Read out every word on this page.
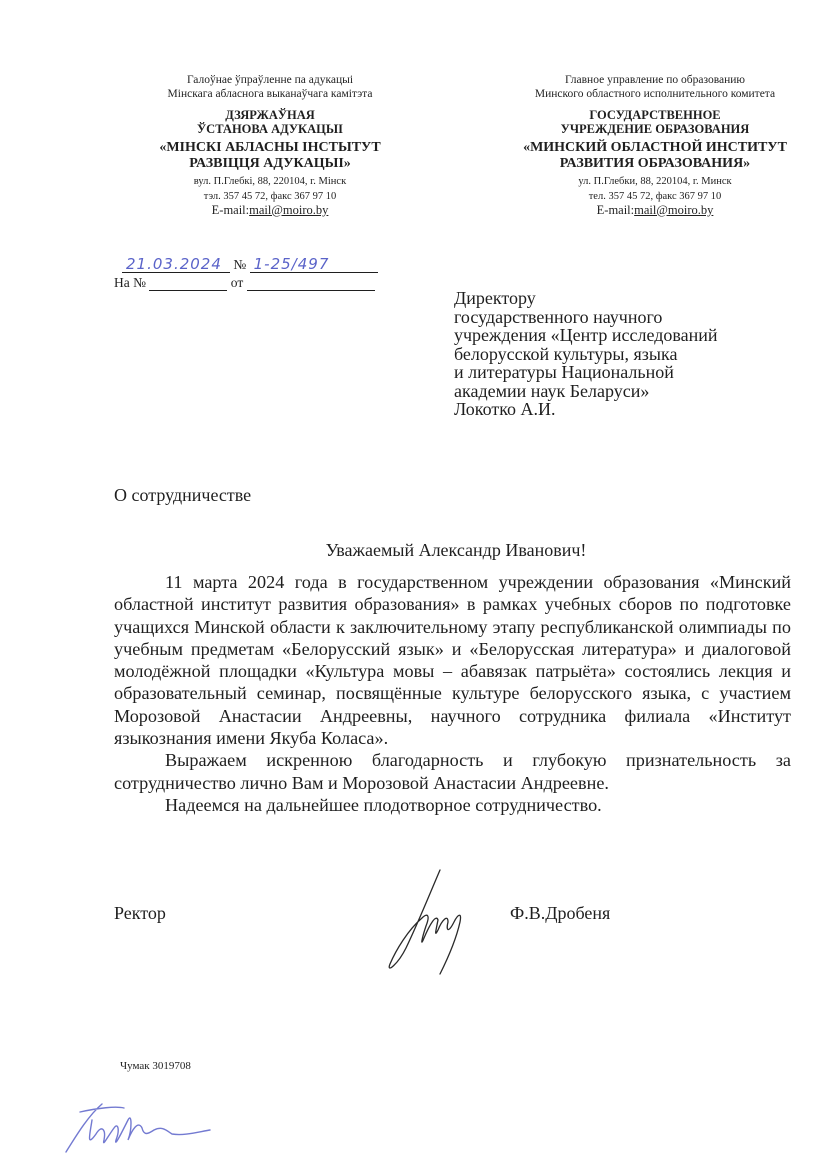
Галоўнае ўпраўленне па адукацыі
Мінскага абласнога выканаўчага камітэта
ДЗЯРЖАЎНАЯ
ЎСТАНОВА АДУКАЦЫІ
«МІНСКІ АБЛАСНЫ ІНСТЫТУТ
РАЗВІЦЦЯ АДУКАЦЫІ»
вул. П.Глебкі, 88, 220104, г. Мінск
тэл. 357 45 72, факс 367 97 10
E-mail:mail@moiro.by
Главное управление по образованию
Минского областного исполнительного комитета
ГОСУДАРСТВЕННОЕ
УЧРЕЖДЕНИЕ ОБРАЗОВАНИЯ
«МИНСКИЙ ОБЛАСТНОЙ ИНСТИТУТ
РАЗВИТИЯ ОБРАЗОВАНИЯ»
ул. П.Глебки, 88, 220104, г. Минск
тел. 357 45 72, факс 367 97 10
E-mail:mail@moiro.by
21.03.2024 № 1-25/497
На №	от
Директору
государственного научного
учреждения «Центр исследований
белорусской культуры, языка
и литературы Национальной
академии наук Беларуси»
Локотко А.И.
О сотрудничестве
Уважаемый Александр Иванович!

11 марта 2024 года в государственном учреждении образования «Минский областной институт развития образования» в рамках учебных сборов по подготовке учащихся Минской области к заключительному этапу республиканской олимпиады по учебным предметам «Белорусский язык» и «Белорусская литература» и диалоговой молодёжной площадки «Культура мовы – абавязак патрыёта» состоялись лекция и образовательный семинар, посвящённые культуре белорусского языка, с участием Морозовой Анастасии Андреевны, научного сотрудника филиала «Институт языкознания имени Якуба Коласа».

Выражаем искренною благодарность и глубокую признательность за сотрудничество лично Вам и Морозовой Анастасии Андреевне.

Надеемся на дальнейшее плодотворное сотрудничество.

Ректор	Ф.В.Дробеня
Чумак 3019708
